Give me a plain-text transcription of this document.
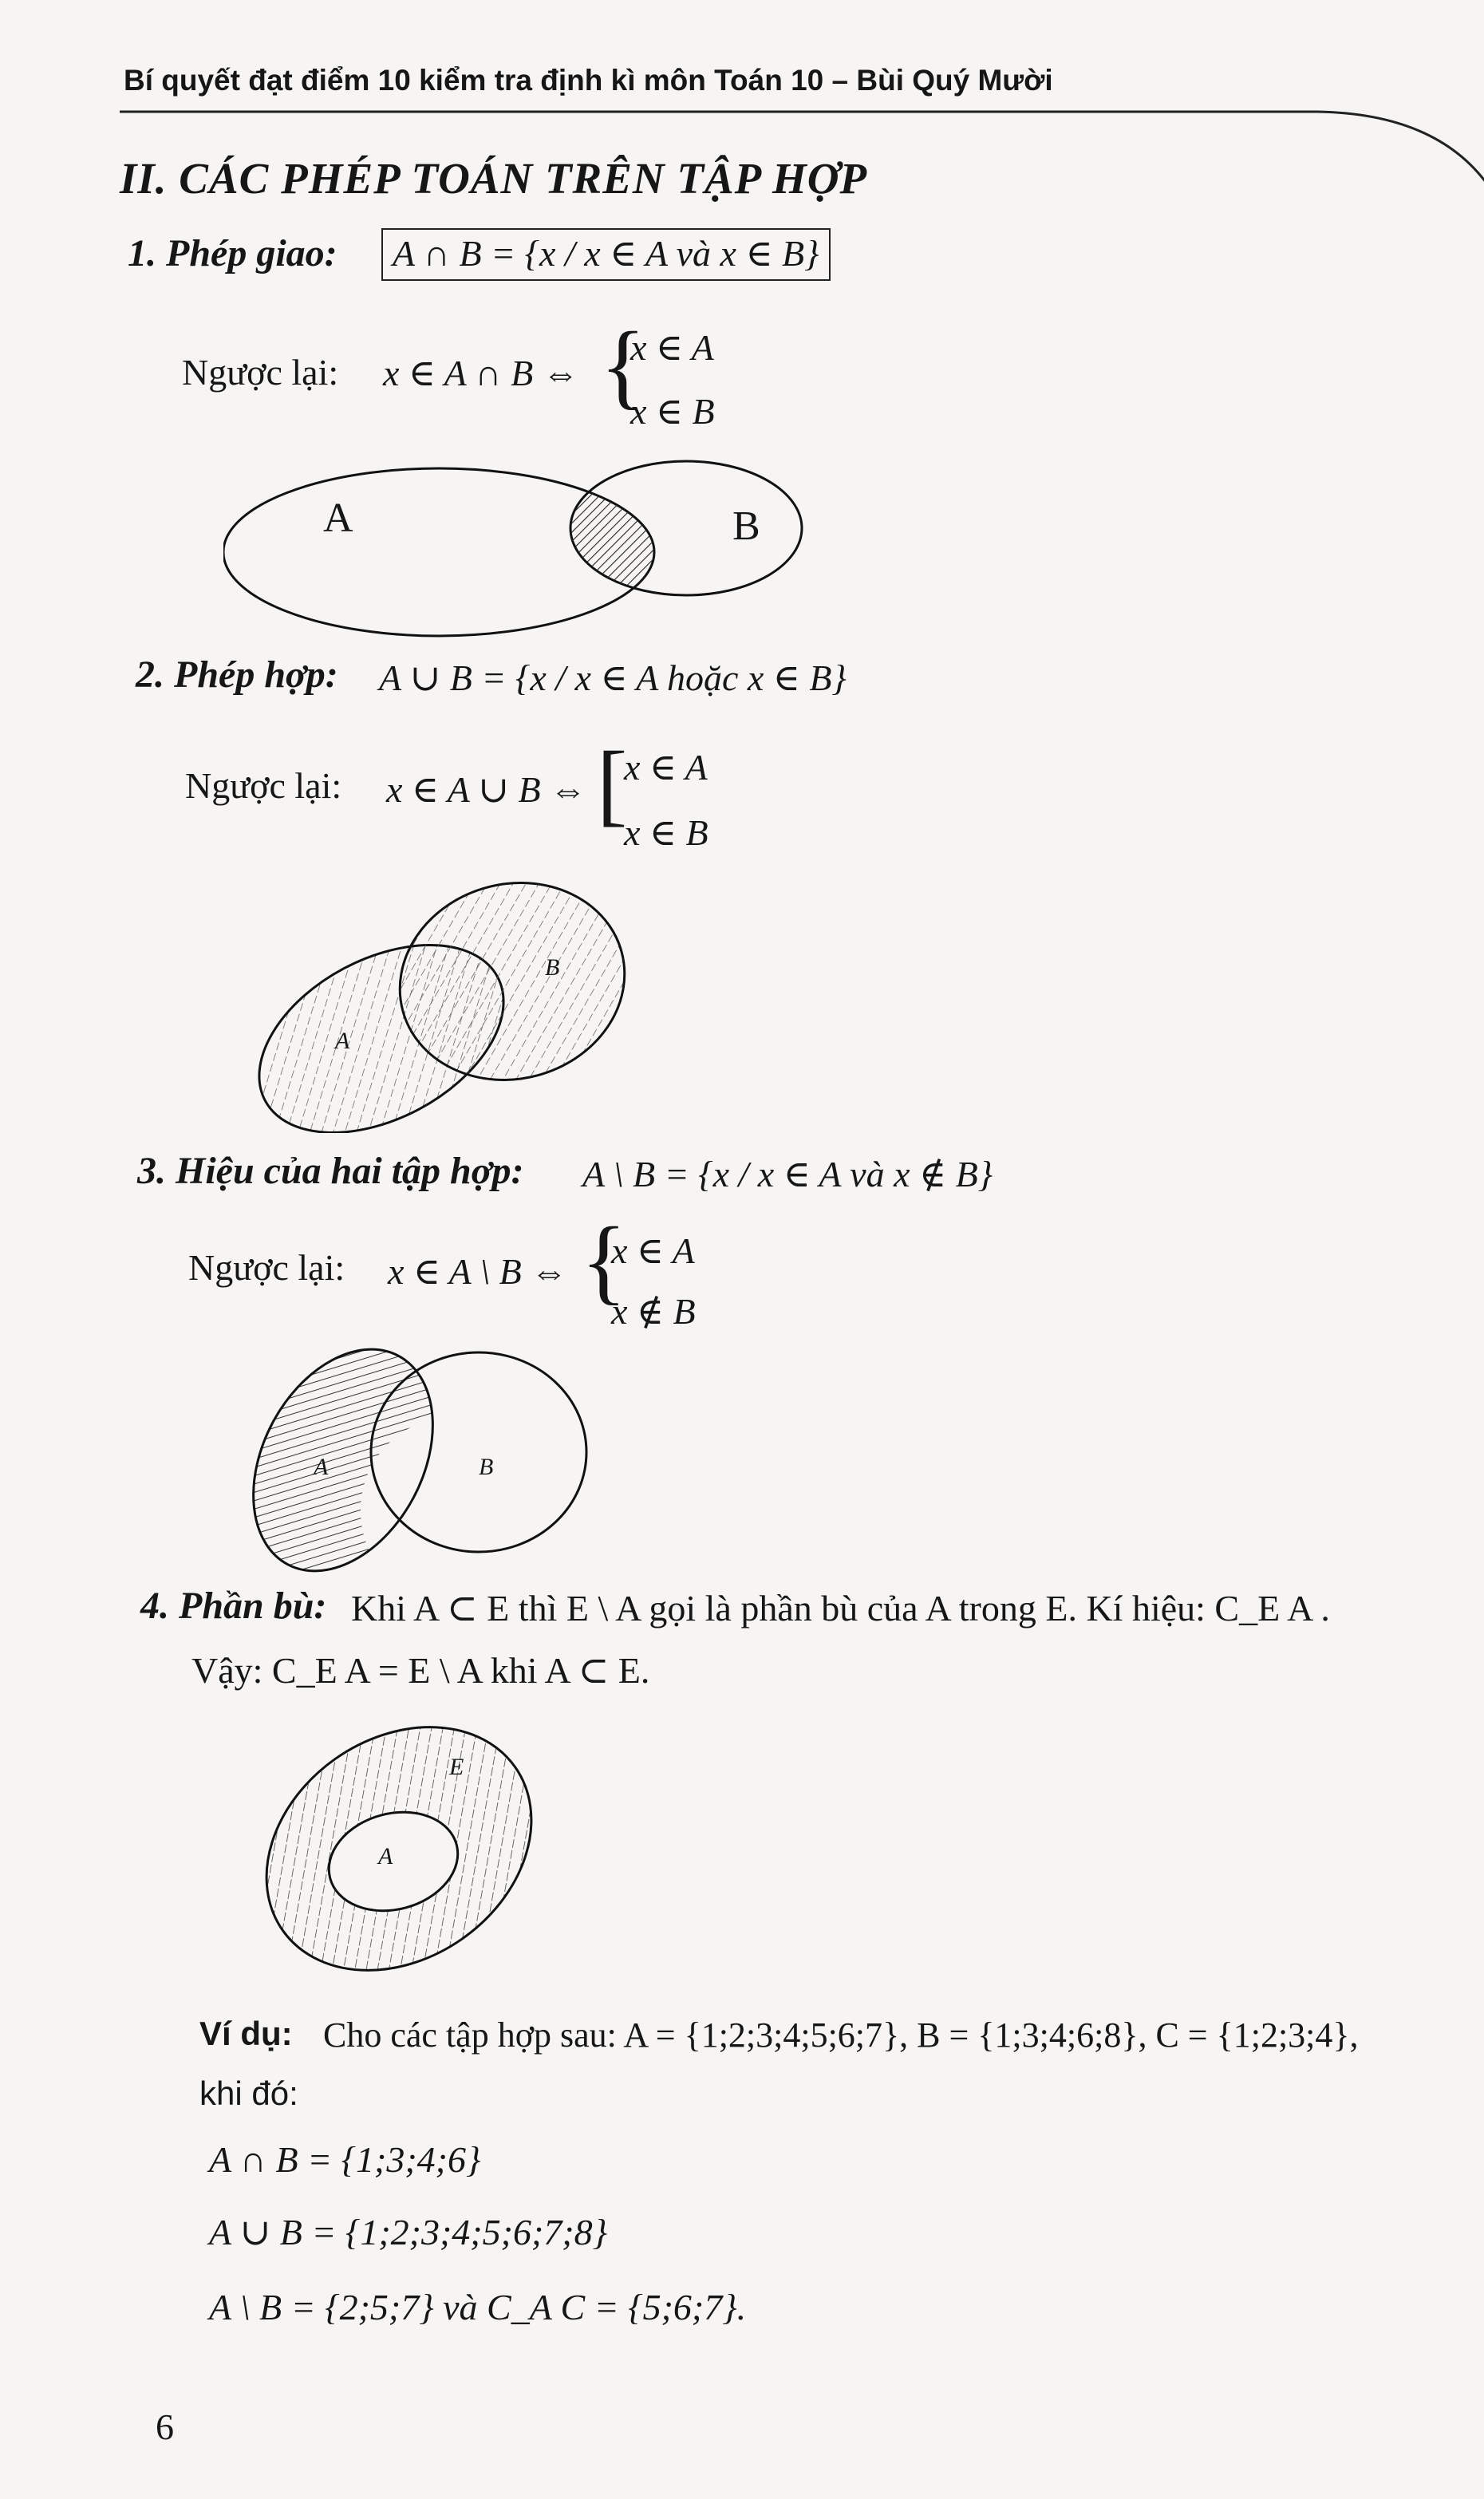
Bí quyết đạt điểm 10 kiểm tra định kì môn Toán 10 – Bùi Quý Mười
II. CÁC PHÉP TOÁN TRÊN TẬP HỢP
1. Phép giao:	A ∩ B = {x / x ∈ A và x ∈ B}
Ngược lại: x ∈ A ∩ B ⇔ {
x ∈ A
x ∈ B
A	B
2. Phép hợp: A ∪ B = {x / x ∈ A hoặc x ∈ B}
Ngược lại: x ∈ A ∪ B ⇔ [
x ∈ A
x ∈ B
A
B
3. Hiệu của hai tập hợp: A \ B = {x / x ∈ A và x ∉ B}
Ngược lại: x ∈ A \ B ⇔ {
x ∈ A
x ∉ B
A	B
4. Phần bù: Khi A ⊂ E thì E \ A gọi là phần bù của A trong E. Kí hiệu: C_E A .
Vậy: C_E A = E \ A khi A ⊂ E.
E
A
Ví dụ: Cho các tập hợp sau: A = {1;2;3;4;5;6;7}, B = {1;3;4;6;8}, C = {1;2;3;4},
khi đó:
A ∩ B = {1;3;4;6}
A ∪ B = {1;2;3;4;5;6;7;8}
A \ B = {2;5;7} và C_A C = {5;6;7}.
6
